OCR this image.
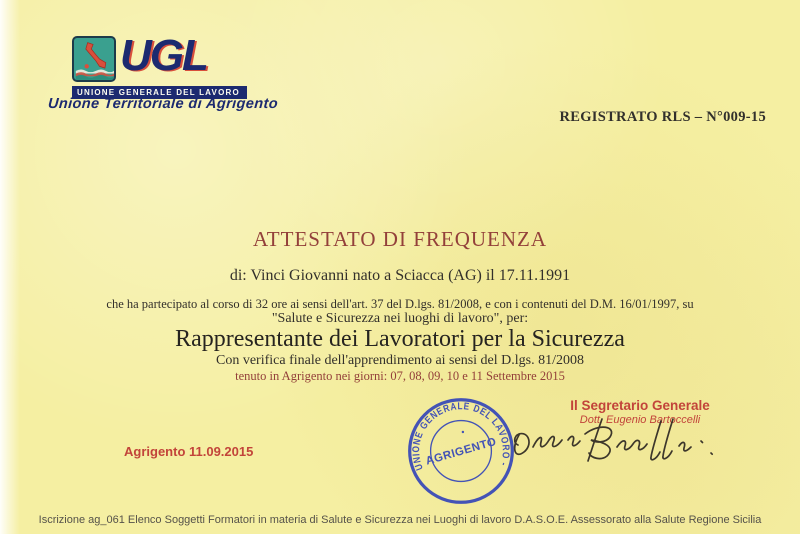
UGL
UNIONE GENERALE DEL LAVORO
Unione Territoriale di Agrigento
REGISTRATO RLS – N°009-15
ATTESTATO DI FREQUENZA
di: Vinci Giovanni nato a Sciacca (AG) il 17.11.1991
che ha partecipato al corso di 32 ore ai sensi dell'art. 37 del D.lgs. 81/2008, e con i contenuti del D.M. 16/01/1997, su
"Salute e Sicurezza nei luoghi di lavoro", per:
Rappresentante dei Lavoratori per la Sicurezza
Con verifica finale dell'apprendimento ai sensi del D.lgs. 81/2008
tenuto in Agrigento nei giorni: 07, 08, 09, 10 e 11 Settembre 2015
UNIONE GENERALE DEL LAVORO -
AGRIGENTO
Il Segretario Generale
Dott. Eugenio Bartoccelli
Agrigento 11.09.2015
Iscrizione ag_061 Elenco Soggetti Formatori in materia di Salute e Sicurezza nei Luoghi di lavoro D.A.S.O.E. Assessorato alla Salute Regione Sicilia
